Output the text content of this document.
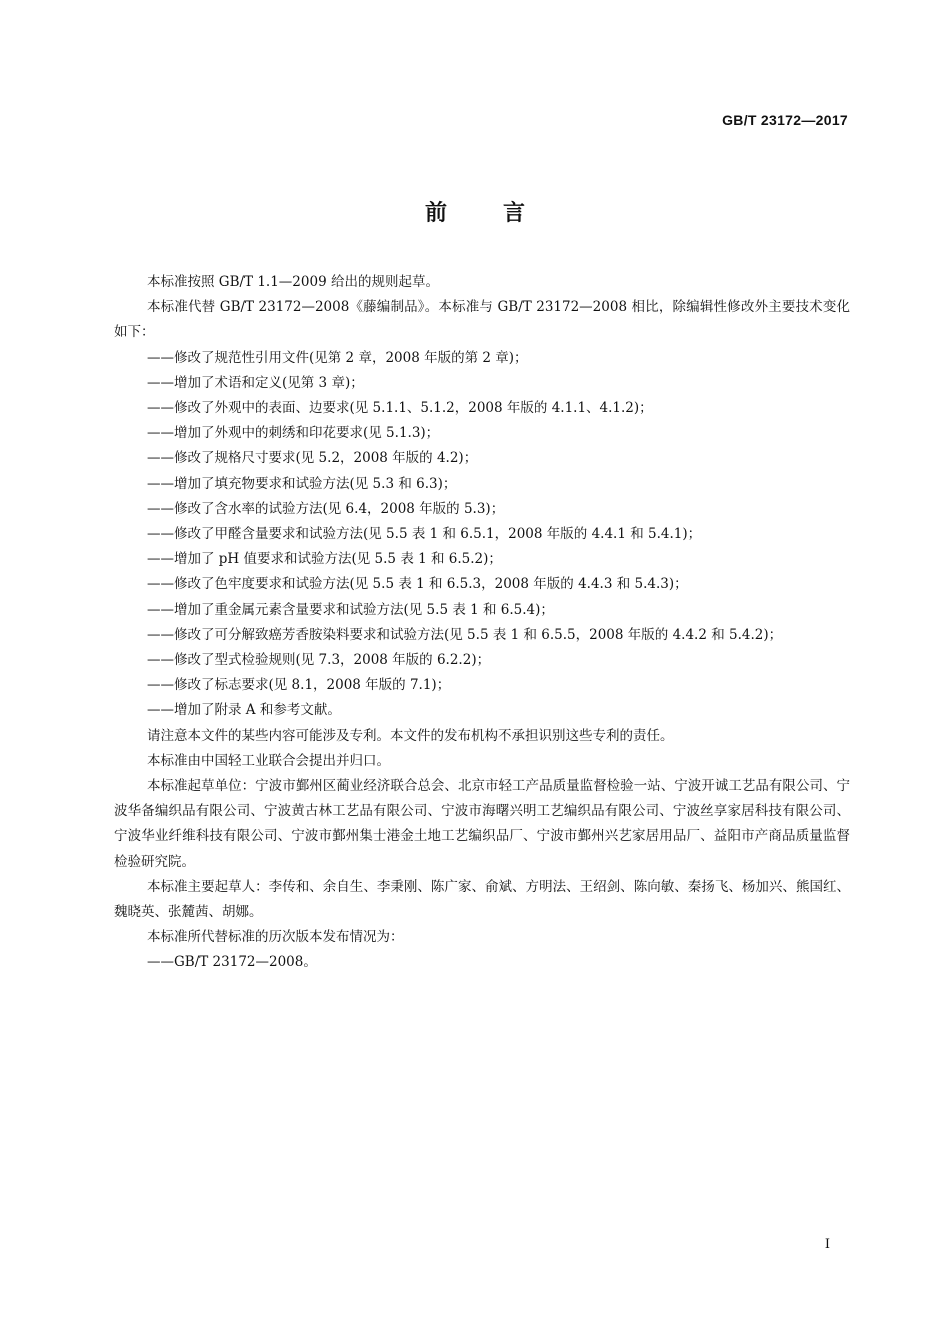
GB/T 23172—2017
前言

本标准按照 GB/T 1.1—2009 给出的规则起草。

本标准代替 GB/T 23172—2008《藤编制品》。本标准与 GB/T 23172—2008 相比，除编辑性修改外主要技术变化如下：

——修改了规范性引用文件(见第 2 章，2008 年版的第 2 章)；

——增加了术语和定义(见第 3 章)；

——修改了外观中的表面、边要求(见 5.1.1、5.1.2，2008 年版的 4.1.1、4.1.2)；

——增加了外观中的刺绣和印花要求(见 5.1.3)；

——修改了规格尺寸要求(见 5.2，2008 年版的 4.2)；

——增加了填充物要求和试验方法(见 5.3 和 6.3)；

——修改了含水率的试验方法(见 6.4，2008 年版的 5.3)；

——修改了甲醛含量要求和试验方法(见 5.5 表 1 和 6.5.1，2008 年版的 4.4.1 和 5.4.1)；

——增加了 pH 值要求和试验方法(见 5.5 表 1 和 6.5.2)；

——修改了色牢度要求和试验方法(见 5.5 表 1 和 6.5.3，2008 年版的 4.4.3 和 5.4.3)；

——增加了重金属元素含量要求和试验方法(见 5.5 表 1 和 6.5.4)；

——修改了可分解致癌芳香胺染料要求和试验方法(见 5.5 表 1 和 6.5.5，2008 年版的 4.4.2 和 5.4.2)；

——修改了型式检验规则(见 7.3，2008 年版的 6.2.2)；

——修改了标志要求(见 8.1，2008 年版的 7.1)；

——增加了附录 A 和参考文献。

请注意本文件的某些内容可能涉及专利。本文件的发布机构不承担识别这些专利的责任。

本标准由中国轻工业联合会提出并归口。

本标准起草单位：宁波市鄞州区蔺业经济联合总会、北京市轻工产品质量监督检验一站、宁波开诚工艺品有限公司、宁波华备编织品有限公司、宁波黄古林工艺品有限公司、宁波市海曙兴明工艺编织品有限公司、宁波丝享家居科技有限公司、宁波华业纤维科技有限公司、宁波市鄞州集士港金土地工艺编织品厂、宁波市鄞州兴艺家居用品厂、益阳市产商品质量监督检验研究院。

本标准主要起草人：李传和、余自生、李秉刚、陈广家、俞斌、方明法、王绍剑、陈向敏、秦扬飞、杨加兴、熊国红、魏晓英、张麓茜、胡娜。

本标准所代替标准的历次版本发布情况为：

——GB/T 23172—2008。

I
